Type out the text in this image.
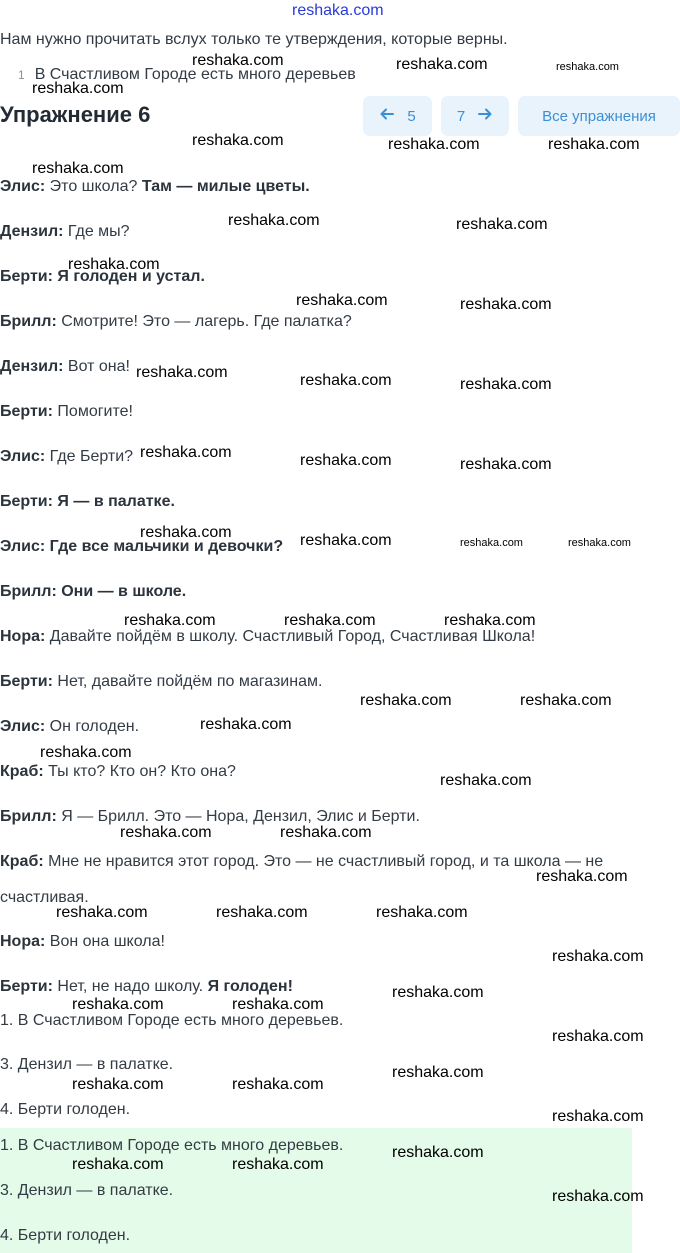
reshaka.com
Нам нужно прочитать вслух только те утверждения, которые верны.
1 В Счастливом Городе есть много деревьев
Упражнение 6	5	7	Все упражнения
Элис: Это школа? Там — милые цветы.
Дензил: Где мы?
Берти: Я голоден и устал.
Брилл: Смотрите! Это — лагерь. Где палатка?
Дензил: Вот она!
Берти: Помогите!
Элис: Где Берти?
Берти: Я — в палатке.
Элис: Где все мальчики и девочки?
Брилл: Они — в школе.
Нора: Давайте пойдём в школу. Счастливый Город, Счастливая Школа!
Берти: Нет, давайте пойдём по магазинам.
Элис: Он голоден.
Краб: Ты кто? Кто он? Кто она?
Брилл: Я — Брилл. Это — Нора, Дензил, Элис и Берти.
Краб: Мне не нравится этот город. Это — не счастливый город, и та школа — не
счастливая.
Нора: Вон она школа!
Берти: Нет, не надо школу. Я голоден!
1. В Счастливом Городе есть много деревьев.
3. Дензил — в палатке.
4. Берти голоден.
1. В Счастливом Городе есть много деревьев.
3. Дензил — в палатке.
4. Берти голоден.
reshaka.com
reshaka.com
reshaka.com	reshaka.com
reshaka.com	reshaka.com	reshaka.com
reshaka.com
reshaka.com	reshaka.com
reshaka.com
reshaka.com	reshaka.com
reshaka.com	reshaka.com	reshaka.com
reshaka.com	reshaka.com	reshaka.com
reshaka.com	reshaka.com	reshaka.com	reshaka.com
reshaka.com	reshaka.com	reshaka.com
reshaka.com	reshaka.com
reshaka.com
reshaka.com
reshaka.com
reshaka.com	reshaka.com
reshaka.com
reshaka.com	reshaka.com	reshaka.com
reshaka.com
reshaka.com
reshaka.com	reshaka.com
reshaka.com
reshaka.com
reshaka.com	reshaka.com
reshaka.com
reshaka.com
reshaka.com	reshaka.com
reshaka.com
